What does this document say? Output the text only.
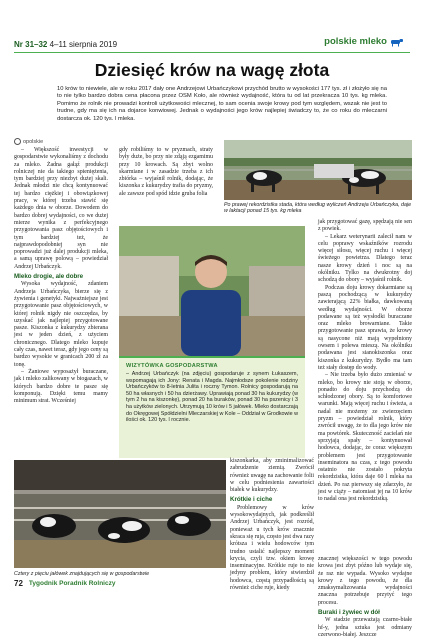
Nr 31–32 4–11 sierpnia 2019	polskie mleko
Dziesięć krów na wagę złota
10 krów to niewiele, ale w roku 2017 dały one Andrzejowi Urbańczykowi przychód brutto w wysokości 177 tys. zł i złożyło się na to nie tylko bardzo dobra cena płacona przez OSM Koło, ale również wydajność, która tu od lat przekracza 10 tys. kg mleka. Pomimo że rolnik nie prowadzi kontroli użytkowości mlecznej, to sam ocenia swoje krowy pod tym względem, wszak nie jest to trudne, gdy ma się ich na dojarce konwiowej. Jednak o wydajności jego krów najlepiej świadczy to, że co roku do mleczarni dostarcza ok. 120 tys. l mleka.
opolskie

– Większość inwestycji w gospodarstwie wykonaliśmy z dochodu za mleko. Żadna gałąź produkcji rolniczej nie da takiego spieniężenia, tym bardziej przy niezbyt dużej skali. Jednak młodzi nie chcą kontynuować tej bardzo ciężkiej i obowiązkowej pracy, w której trzeba stawić się każdego dnia w oborze. Dowodem do bardzo dobrej wydajności, co we dużej mierze wynika z perfekcyjnego przygotowania pasz objętościowych i tym bardziej też, że najprawdopodobniej syn nie poprowadzi już dalej produkcji mleka, a samą uprawę polową – powiedział Andrzej Urbańczyk.

Mleko drogie, ale dobre

Wysoka wydajność, zdaniem Andrzeja Urbańczyka, bierze się z żywienia i genetyki. Najważniejsze jest przygotowanie pasz objętościowych, w której rolnik nigdy nie oszczędza, by uzyskać jak najlepiej przygotowane pasze. Kiszonka z kukurydzy zbierana jest w jeden dzień, z użyciem chronicznego. Dlatego mleko kupuje cały czas, nawet teraz, gdy jego ceny są bardzo wysokie w granicach 200 zł za tonę.

– Żaniowe wyposażył buraczane, jak i mleko zalikowany w biogazach, w których bardzo dobre te pasze się komponują. Dzięki temu mamy minimum strat. Wcześniej

gdy robiliśmy to w pryzmach, straty były duże, bo przy nie zdąją ezgamimu przy 10 krowach. Są zbyt wolno skarmiane i w zasadzie trzeba z ich zbiórka – wyjaśnił rolnik, dodając, że kiszonka z kukurydzy trafia do pryzmy, ale zawsze pod spód idzie gruba folia

Po prawej rekordzistka stada, która według wyliczeń Andrzeja Urbańczyka, daje w laktacji ponad 15 tys. kg mleka

jak przygotować gazę, spędzają nie sen z powiek.

– Lekarz weterynarii zalecił nam w celu poprawy wskaźników rozrodu więcej siłosu, więcej ruchu i więcej świeżego powietrza. Dlatego teraz nasze krowy dzień i noc są na okólniku. Tylko na dwukrotny doj schodzą do obory – wyjaśnił rolnik.

Podczas doju krowy dokarmiane są paszą pochodzącą w kukurydzy zawierającą 22% białka, dawkowaną według wydajności. W oborze podawane są też wysłodki buraczane oraz mleko browarniane. Takie przygotowanie pasz sprawia, że krowy są nasycone niż mają wypełniony owsem i polewa mieszą. Na okólniku podawana jest sianokiszonka oraz kiszonka z kukurydzy. Bydło ma tam też stały dostęp do wody.

– Nie trzeba było dużo zmieniać w mleko, bo krowy nie stoją w oborze, ponadto do doju przychodzą do schłodzonej obory. Są to komfortowe warunki. Mają więcej ruchu i świeża, a nadal nie możemy ze zwierzęciem pryzm – powiedział rolnik, który zwrócił uwagę, że to dla jego krów nie ma powtórek. Skuteczność zacielań nie sprzyjają spały – kontynuował hodowca, dodając, że coraz większym problemem jest przygotowanie inseminatora na czas, z tego powodu ostatnio nie zostało pokryta rekordzistka, która daje 60 l mleka na dzień. Po raz pierwszy się zdarzyło, że jest w ciąży – natomiast jej na 10 krów to nadal ona jest rekordzistką.

WIZYTÓWKA GOSPODARSTWA

– Andrzej Urbańczyk (na zdjęciu) gospodaruje z synem Łukaszem, wspomagają ich Jony: Renata i Magda. Najmłodsze pokolenie rodziny Urbańczyków to 8-letnia Julita i roczny Tymon. Rolnicy gospodarują na 50 ha własnych i 50 ha dzierżawy. Uprawiają ponad 30 ha kukurydzy (w tym 2 ha na kiszonkę), ponad 20 ha buraków, ponad 30 ha pszenicy i 3 ha użytków zielonych. Utrzymują 10 krów i 5 jałówek. Mleko dostarczają do Okręgowej Spółdzielni Mleczarskiej w Kole – Oddział w Grodkowie w ilości ok. 120 tys. l rocznie.

Cztery z pięciu jałówek znajdujących się w gospodarstwie

kiszonkarka, aby zminimalizować zabrudzenie ziemią. Zwrócił również uwagę na zachowanie folii w celu podniesienia zawartości białek w kukurydzy.

Krótkie i ciche

Problemowy w krów wysokowydajnych, jak podkreślił Andrzej Urbańczyk, jest rozród, ponieważ u tych krów znacznie skraca się ruja, często jest dwa razy krótsza i wielu hodowców tym trudno ustalić najlepszy moment krycia, czyli tzw. okiem krowę inseminacyjne. Krótkie ruje to nie jedyny problem, który stwierdził hodowca, częstą przypadłością są również ciche ruje, kiedy

znacznej większości w tego powodu krowa jest zbyt późno lub wydaje się, że raz nie wypada. Wysoko wydajne krowy z tego powodu, że dla zmaksymalizowania wydajności znaczna potrzebuje przytyć tego procesu.

Buraki i żywiec w dół

W stadzie przeważają czarno-białe hf-y, jedna sztuka jest odmiany czerwono-białej. Jeszcze

72 Tygodnik Poradnik Rolniczy
